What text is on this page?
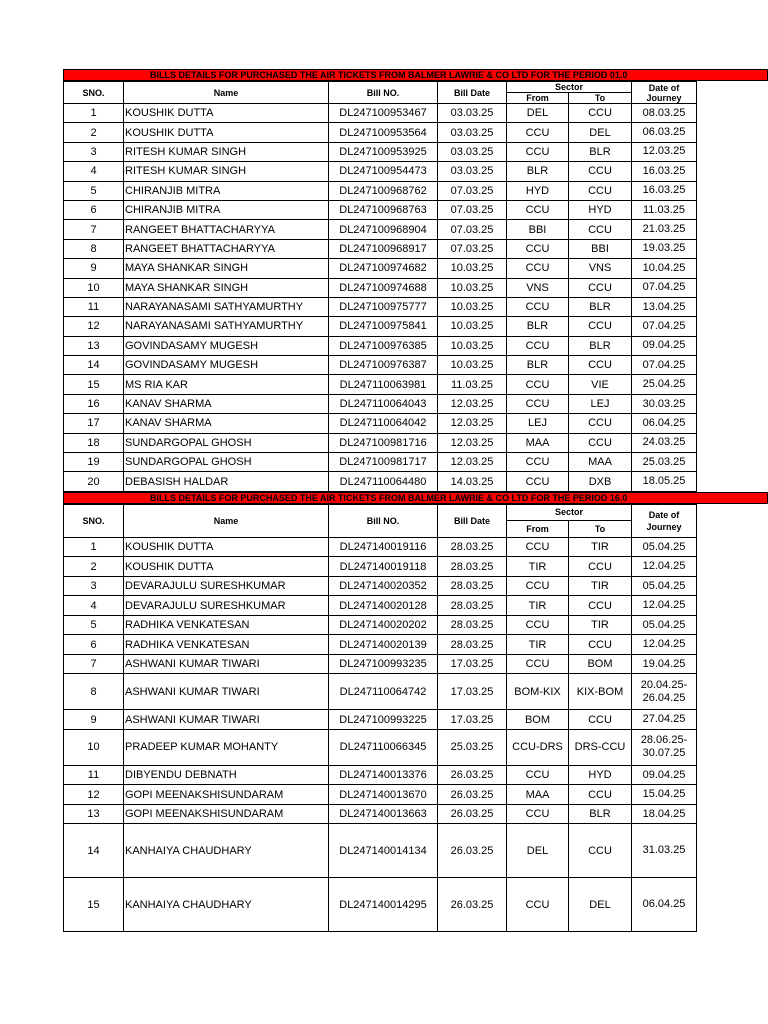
BILLS DETAILS FOR PURCHASED THE AIR TICKETS FROM BALMER LAWRIE & CO LTD FOR THE PERIOD 01.0
SNO.	Name	Bill NO.	Bill Date	Sector		Date of Journey
				From	To	
1	KOUSHIK DUTTA	DL247100953467	03.03.25	DEL	CCU	08.03.25
2	KOUSHIK DUTTA	DL247100953564	03.03.25	CCU	DEL	06.03.25
3	RITESH KUMAR SINGH	DL247100953925	03.03.25	CCU	BLR	12.03.25
4	RITESH KUMAR SINGH	DL247100954473	03.03.25	BLR	CCU	16.03.25
5	CHIRANJIB MITRA	DL247100968762	07.03.25	HYD	CCU	16.03.25
6	CHIRANJIB MITRA	DL247100968763	07.03.25	CCU	HYD	11.03.25
7	RANGEET BHATTACHARYYA	DL247100968904	07.03.25	BBI	CCU	21.03.25
8	RANGEET BHATTACHARYYA	DL247100968917	07.03.25	CCU	BBI	19.03.25
9	MAYA SHANKAR SINGH	DL247100974682	10.03.25	CCU	VNS	10.04.25
10	MAYA SHANKAR SINGH	DL247100974688	10.03.25	VNS	CCU	07.04.25
11	NARAYANASAMI SATHYAMURTHY	DL247100975777	10.03.25	CCU	BLR	13.04.25
12	NARAYANASAMI SATHYAMURTHY	DL247100975841	10.03.25	BLR	CCU	07.04.25
13	GOVINDASAMY MUGESH	DL247100976385	10.03.25	CCU	BLR	09.04.25
14	GOVINDASAMY MUGESH	DL247100976387	10.03.25	BLR	CCU	07.04.25
15	MS RIA KAR	DL247110063981	11.03.25	CCU	VIE	25.04.25
16	KANAV SHARMA	DL247110064043	12.03.25	CCU	LEJ	30.03.25
17	KANAV SHARMA	DL247110064042	12.03.25	LEJ	CCU	06.04.25
18	SUNDARGOPAL GHOSH	DL247100981716	12.03.25	MAA	CCU	24.03.25
19	SUNDARGOPAL GHOSH	DL247100981717	12.03.25	CCU	MAA	25.03.25
20	DEBASISH HALDAR	DL247110064480	14.03.25	CCU	DXB	18.05.25
BILLS DETAILS FOR PURCHASED THE AIR TICKETS FROM BALMER LAWRIE & CO LTD FOR THE PERIOD 16.0
SNO.	Name	Bill NO.	Bill Date	Sector		Date of Journey
				From	To	
1	KOUSHIK DUTTA	DL247140019116	28.03.25	CCU	TIR	05.04.25
2	KOUSHIK DUTTA	DL247140019118	28.03.25	TIR	CCU	12.04.25
3	DEVARAJULU SURESHKUMAR	DL247140020352	28.03.25	CCU	TIR	05.04.25
4	DEVARAJULU SURESHKUMAR	DL247140020128	28.03.25	TIR	CCU	12.04.25
5	RADHIKA VENKATESAN	DL247140020202	28.03.25	CCU	TIR	05.04.25
6	RADHIKA VENKATESAN	DL247140020139	28.03.25	TIR	CCU	12.04.25
7	ASHWANI KUMAR TIWARI	DL247100993235	17.03.25	CCU	BOM	19.04.25
8	ASHWANI KUMAR TIWARI	DL247110064742	17.03.25	BOM-KIX	KIX-BOM	20.04.25- 26.04.25
9	ASHWANI KUMAR TIWARI	DL247100993225	17.03.25	BOM	CCU	27.04.25
10	PRADEEP KUMAR MOHANTY	DL247110066345	25.03.25	CCU-DRS	DRS-CCU	28.06.25- 30.07.25
11	DIBYENDU DEBNATH	DL247140013376	26.03.25	CCU	HYD	09.04.25
12	GOPI MEENAKSHISUNDARAM	DL247140013670	26.03.25	MAA	CCU	15.04.25
13	GOPI MEENAKSHISUNDARAM	DL247140013663	26.03.25	CCU	BLR	18.04.25
14	KANHAIYA CHAUDHARY	DL247140014134	26.03.25	DEL	CCU	31.03.25
15	KANHAIYA CHAUDHARY	DL247140014295	26.03.25	CCU	DEL	06.04.25
